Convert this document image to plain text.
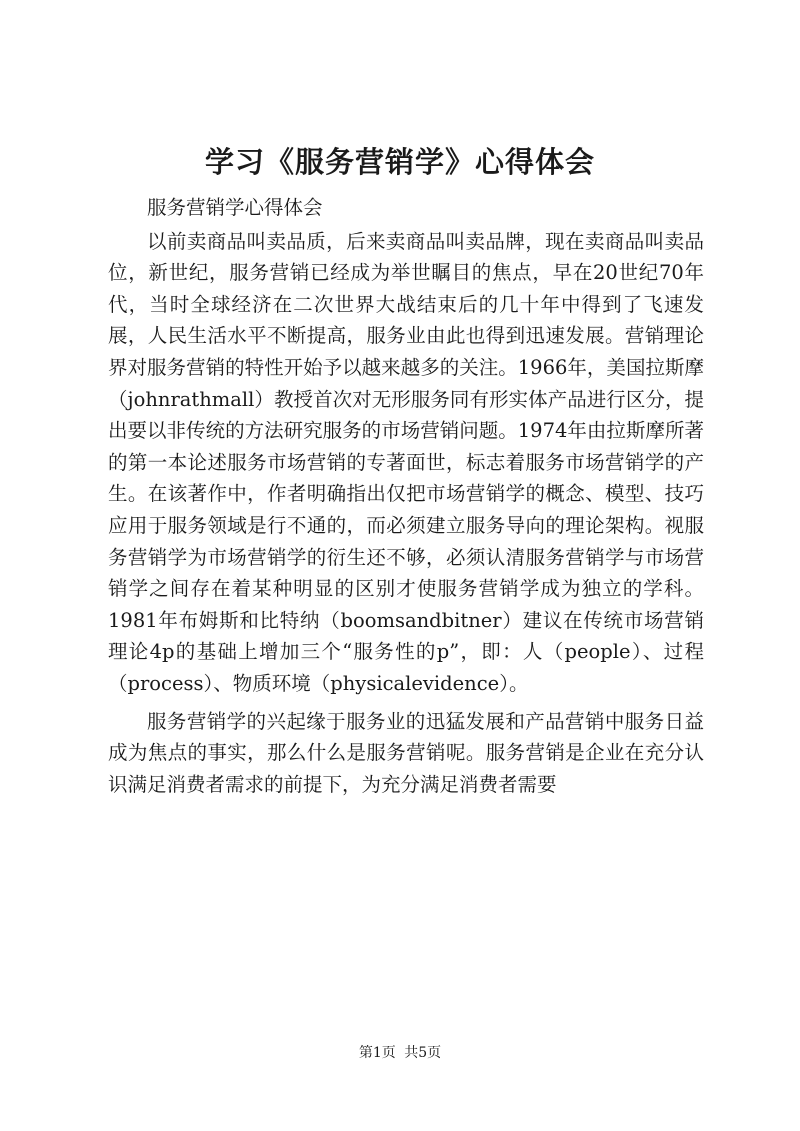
学习《服务营销学》心得体会

服务营销学心得体会

以前卖商品叫卖品质，后来卖商品叫卖品牌，现在卖商品叫卖品位，新世纪，服务营销已经成为举世瞩目的焦点，早在20世纪70年代，当时全球经济在二次世界大战结束后的几十年中得到了飞速发展，人民生活水平不断提高，服务业由此也得到迅速发展。营销理论界对服务营销的特性开始予以越来越多的关注。1966年，美国拉斯摩（johnrathmall）教授首次对无形服务同有形实体产品进行区分，提出要以非传统的方法研究服务的市场营销问题。1974年由拉斯摩所著的第一本论述服务市场营销的专著面世，标志着服务市场营销学的产生。在该著作中，作者明确指出仅把市场营销学的概念、模型、技巧应用于服务领域是行不通的，而必须建立服务导向的理论架构。视服务营销学为市场营销学的衍生还不够，必须认清服务营销学与市场营销学之间存在着某种明显的区别才使服务营销学成为独立的学科。1981年布姆斯和比特纳（boomsandbitner）建议在传统市场营销理论4p的基础上增加三个“服务性的p”，即：人（people）、过程（process）、物质环境（physicalevidence）。

服务营销学的兴起缘于服务业的迅猛发展和产品营销中服务日益成为焦点的事实，那么什么是服务营销呢。服务营销是企业在充分认识满足消费者需求的前提下，为充分满足消费者需要

第1页 共5页
